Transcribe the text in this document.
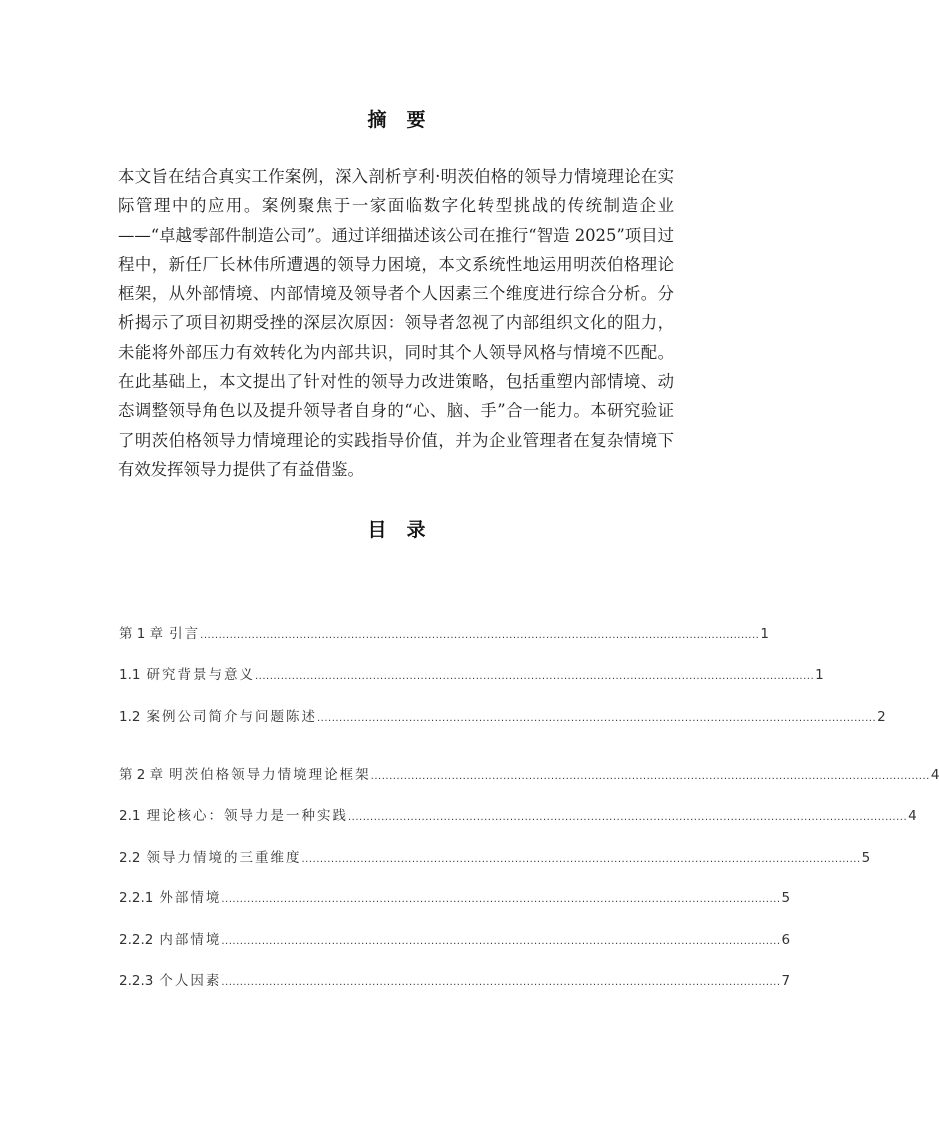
摘要
本文旨在结合真实工作案例，深入剖析亨利·明茨伯格的领导力情境理论在实际管理中的应用。案例聚焦于一家面临数字化转型挑战的传统制造企业——“卓越零部件制造公司”。通过详细描述该公司在推行“智造 2025”项目过程中，新任厂长林伟所遭遇的领导力困境，本文系统性地运用明茨伯格理论框架，从外部情境、内部情境及领导者个人因素三个维度进行综合分析。分析揭示了项目初期受挫的深层次原因：领导者忽视了内部组织文化的阻力，未能将外部压力有效转化为内部共识，同时其个人领导风格与情境不匹配。在此基础上，本文提出了针对性的领导力改进策略，包括重塑内部情境、动态调整领导角色以及提升领导者自身的“心、脑、手”合一能力。本研究验证了明茨伯格领导力情境理论的实践指导价值，并为企业管理者在复杂情境下有效发挥领导力提供了有益借鉴。
目录
第 1 章 引言 ........................................................................................................................................................ 1
1.1 研究背景与意义 ........................................................................................................................................................ 1
1.2 案例公司简介与问题陈述 ........................................................................................................................................................ 2
第 2 章 明茨伯格领导力情境理论框架 ........................................................................................................................................................ 4
2.1 理论核心：领导力是一种实践 ........................................................................................................................................................ 4
2.2 领导力情境的三重维度 ........................................................................................................................................................ 5
2.2.1 外部情境 ........................................................................................................................................................ 5
2.2.2 内部情境 ........................................................................................................................................................ 6
2.2.3 个人因素 ........................................................................................................................................................ 7
